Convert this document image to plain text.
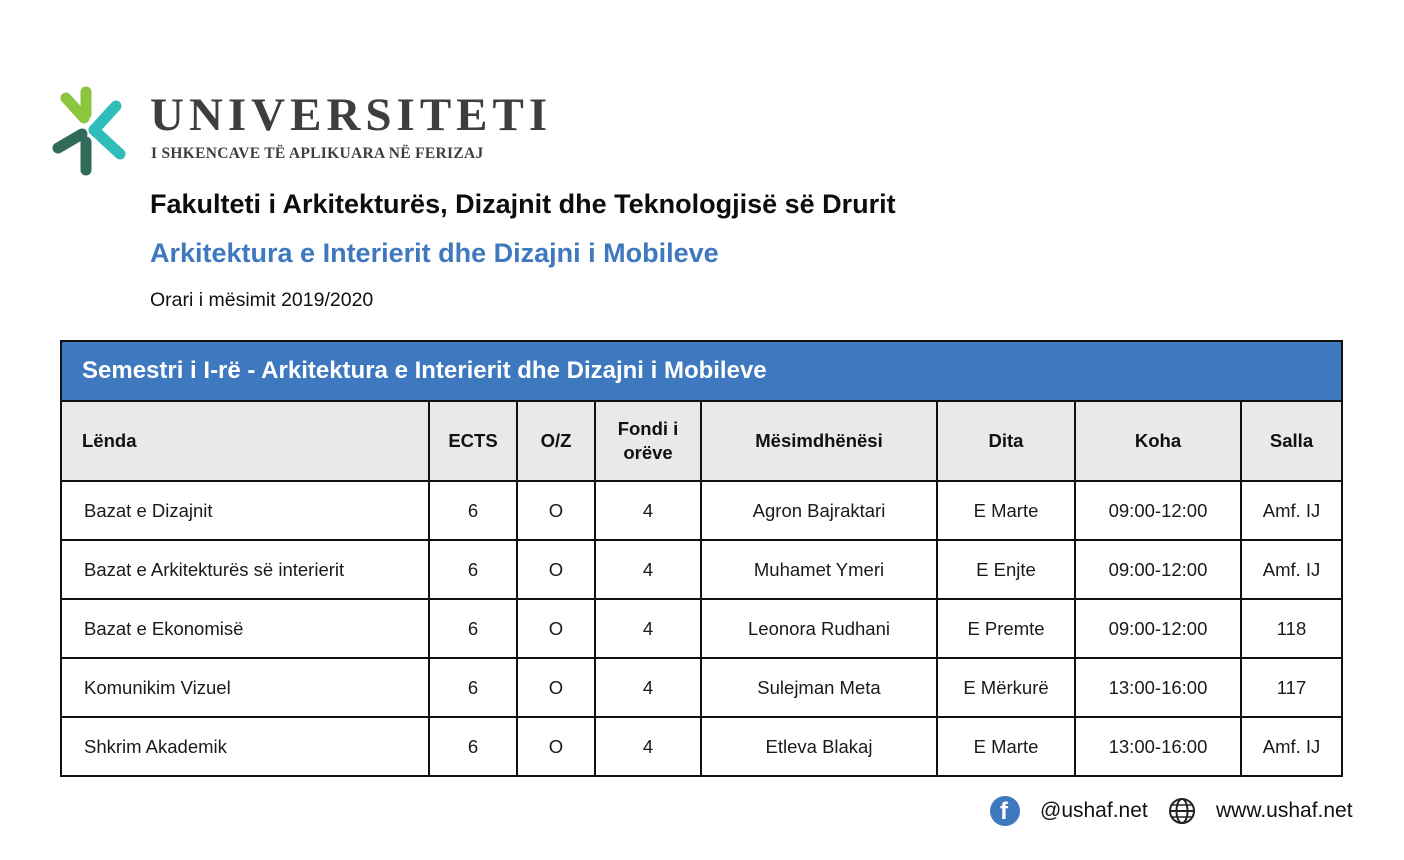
UNIVERSITETI
I SHKENCAVE TË APLIKUARA NË FERIZAJ
Fakulteti i Arkitekturës, Dizajnit dhe Teknologjisë së Drurit
Arkitektura e Interierit dhe Dizajni i Mobileve
Orari i mësimit 2019/2020
Semestri i I-rë - Arkitektura e Interierit dhe Dizajni i Mobileve							
Lënda	ECTS	O/Z	Fondi i orëve	Mësimdhënësi	Dita	Koha	Salla
Bazat e Dizajnit	6	O	4	Agron Bajraktari	E Marte	09:00-12:00	Amf. IJ
Bazat e Arkitekturës së interierit	6	O	4	Muhamet Ymeri	E Enjte	09:00-12:00	Amf. IJ
Bazat e Ekonomisë	6	O	4	Leonora Rudhani	E Premte	09:00-12:00	118
Komunikim Vizuel	6	O	4	Sulejman Meta	E Mërkurë	13:00-16:00	117
Shkrim Akademik	6	O	4	Etleva Blakaj	E Marte	13:00-16:00	Amf. IJ
f @ushaf.net	www.ushaf.net
